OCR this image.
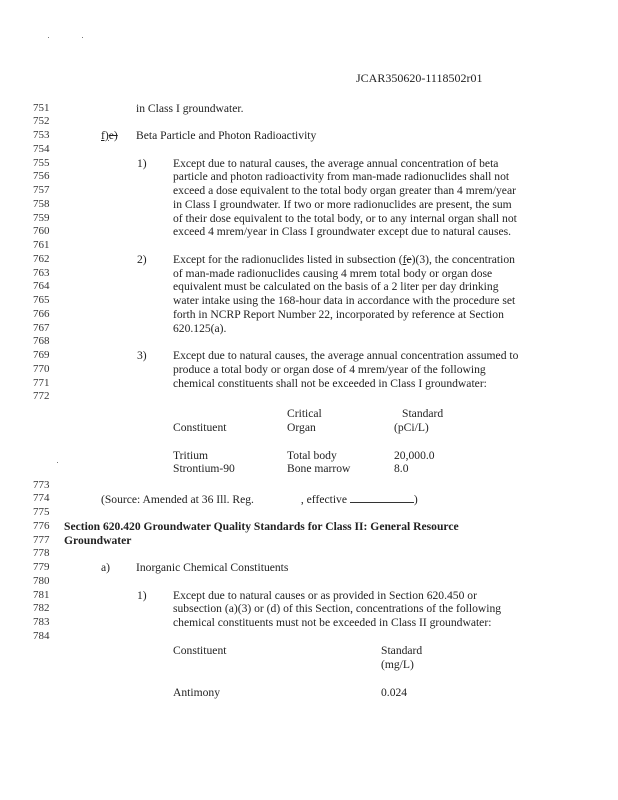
JCAR350620-1118502r01
751
752
753
754
755
756
757
758
759
760
761
762
763
764
765
766
767
768
769
770
771
772
773
774
775
776
777
778
779
780
781
782
783
784
in Class I groundwater.
f)e) Beta Particle and Photon Radioactivity
1) Except due to natural causes, the average annual concentration of beta
particle and photon radioactivity from man-made radionuclides shall not
exceed a dose equivalent to the total body organ greater than 4 mrem/year
in Class I groundwater. If two or more radionuclides are present, the sum
of their dose equivalent to the total body, or to any internal organ shall not
exceed 4 mrem/year in Class I groundwater except due to natural causes.
2) Except for the radionuclides listed in subsection (fe)(3), the concentration
of man-made radionuclides causing 4 mrem total body or organ dose
equivalent must be calculated on the basis of a 2 liter per day drinking
water intake using the 168-hour data in accordance with the procedure set
forth in NCRP Report Number 22, incorporated by reference at Section
620.125(a).
3) Except due to natural causes, the average annual concentration assumed to
produce a total body or organ dose of 4 mrem/year of the following
chemical constituents shall not be exceeded in Class I groundwater:
Critical	Standard
Constituent	Organ	(pCi/L)
Tritium	Total body	20,000.0
Strontium-90	Bone marrow	8.0
(Source: Amended at 36 Ill. Reg.	, effective	)
Section 620.420 Groundwater Quality Standards for Class II: General Resource
Groundwater
a) Inorganic Chemical Constituents
1) Except due to natural causes or as provided in Section 620.450 or
subsection (a)(3) or (d) of this Section, concentrations of the following
chemical constituents must not be exceeded in Class II groundwater:
Constituent	Standard
(mg/L)
Antimony	0.024
